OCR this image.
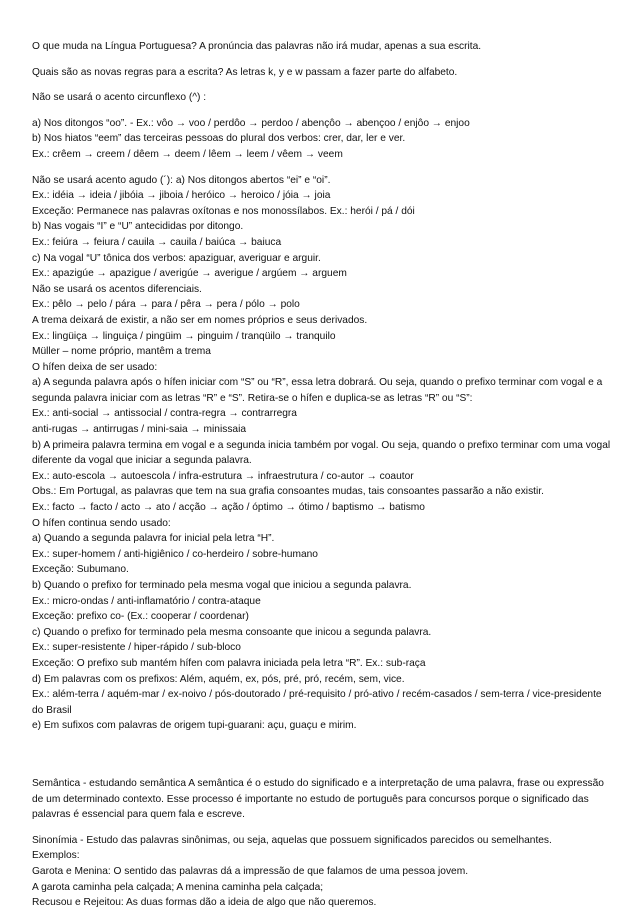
O que muda na Língua Portuguesa? A pronúncia das palavras não irá mudar, apenas a sua escrita.

Quais são as novas regras para a escrita? As letras k, y e w passam a fazer parte do alfabeto.

Não se usará o acento circunflexo (^) :

a) Nos ditongos “oo”. - Ex.: vôo → voo / perdôo → perdoo / abençôo → abençoo / enjôo → enjoo

b) Nos hiatos “eem” das terceiras pessoas do plural dos verbos: crer, dar, ler e ver.

Ex.: crêem → creem / dêem → deem / lêem → leem / vêem → veem

Não se usará acento agudo (´): a) Nos ditongos abertos “ei” e “oi”.

Ex.: idéia → ideia / jibóia → jiboia / heróico → heroico / jóia → joia

Exceção: Permanece nas palavras oxítonas e nos monossílabos. Ex.: herói / pá / dói

b) Nas vogais “I” e “U” antecididas por ditongo.

Ex.: feiúra → feiura / cauila → cauila / baiúca → baiuca

c) Na vogal “U” tônica dos verbos: apaziguar, averiguar e arguir.

Ex.: apazigúe → apazigue / averigúe → averigue / argúem → arguem

Não se usará os acentos diferenciais.

Ex.: pêlo → pelo / pára → para / pêra → pera / pólo → polo

A trema deixará de existir, a não ser em nomes próprios e seus derivados.

Ex.: lingüiça → linguiça / pingüim → pinguim / tranqüilo → tranquilo

Müller – nome próprio, mantêm a trema

O hífen deixa de ser usado:

a) A segunda palavra após o hífen iniciar com “S” ou “R”, essa letra dobrará. Ou seja, quando o prefixo terminar com vogal e a segunda palavra iniciar com as letras “R” e “S”. Retira-se o hífen e duplica-se as letras “R” ou “S”:

Ex.: anti-social → antissocial / contra-regra → contrarregra

anti-rugas → antirrugas / mini-saia → minissaia

b) A primeira palavra termina em vogal e a segunda inicia também por vogal. Ou seja, quando o prefixo terminar com uma vogal diferente da vogal que iniciar a segunda palavra.

Ex.: auto-escola → autoescola / infra-estrutura → infraestrutura / co-autor → coautor

Obs.: Em Portugal, as palavras que tem na sua grafia consoantes mudas, tais consoantes passarão a não existir.

Ex.: facto → facto / acto → ato / acção → ação / óptimo → ótimo / baptismo → batismo

O hífen continua sendo usado:

a) Quando a segunda palavra for inicial pela letra “H”.

Ex.: super-homem / anti-higiênico / co-herdeiro / sobre-humano

Exceção: Subumano.

b) Quando o prefixo for terminado pela mesma vogal que iniciou a segunda palavra.

Ex.: micro-ondas / anti-inflamatório / contra-ataque

Exceção: prefixo co- (Ex.: cooperar / coordenar)

c) Quando o prefixo for terminado pela mesma consoante que inicou a segunda palavra.

Ex.: super-resistente / hiper-rápido / sub-bloco

Exceção: O prefixo sub mantém hífen com palavra iniciada pela letra “R”. Ex.: sub-raça

d) Em palavras com os prefixos: Além, aquém, ex, pós, pré, pró, recém, sem, vice.

Ex.: além-terra / aquém-mar / ex-noivo / pós-doutorado / pré-requisito / pró-ativo / recém-casados / sem-terra / vice-presidente do Brasil

e) Em sufixos com palavras de origem tupi-guarani: açu, guaçu e mirim.

Semântica - estudando semântica A semântica é o estudo do significado e a interpretação de uma palavra, frase ou expressão de um determinado contexto. Esse processo é importante no estudo de português para concursos porque o significado das palavras é essencial para quem fala e escreve.

Sinonímia - Estudo das palavras sinônimas, ou seja, aquelas que possuem significados parecidos ou semelhantes.

Exemplos:

Garota e Menina: O sentido das palavras dá a impressão de que falamos de uma pessoa jovem.

A garota caminha pela calçada; A menina caminha pela calçada;

Recusou e Rejeitou: As duas formas dão a ideia de algo que não queremos.
